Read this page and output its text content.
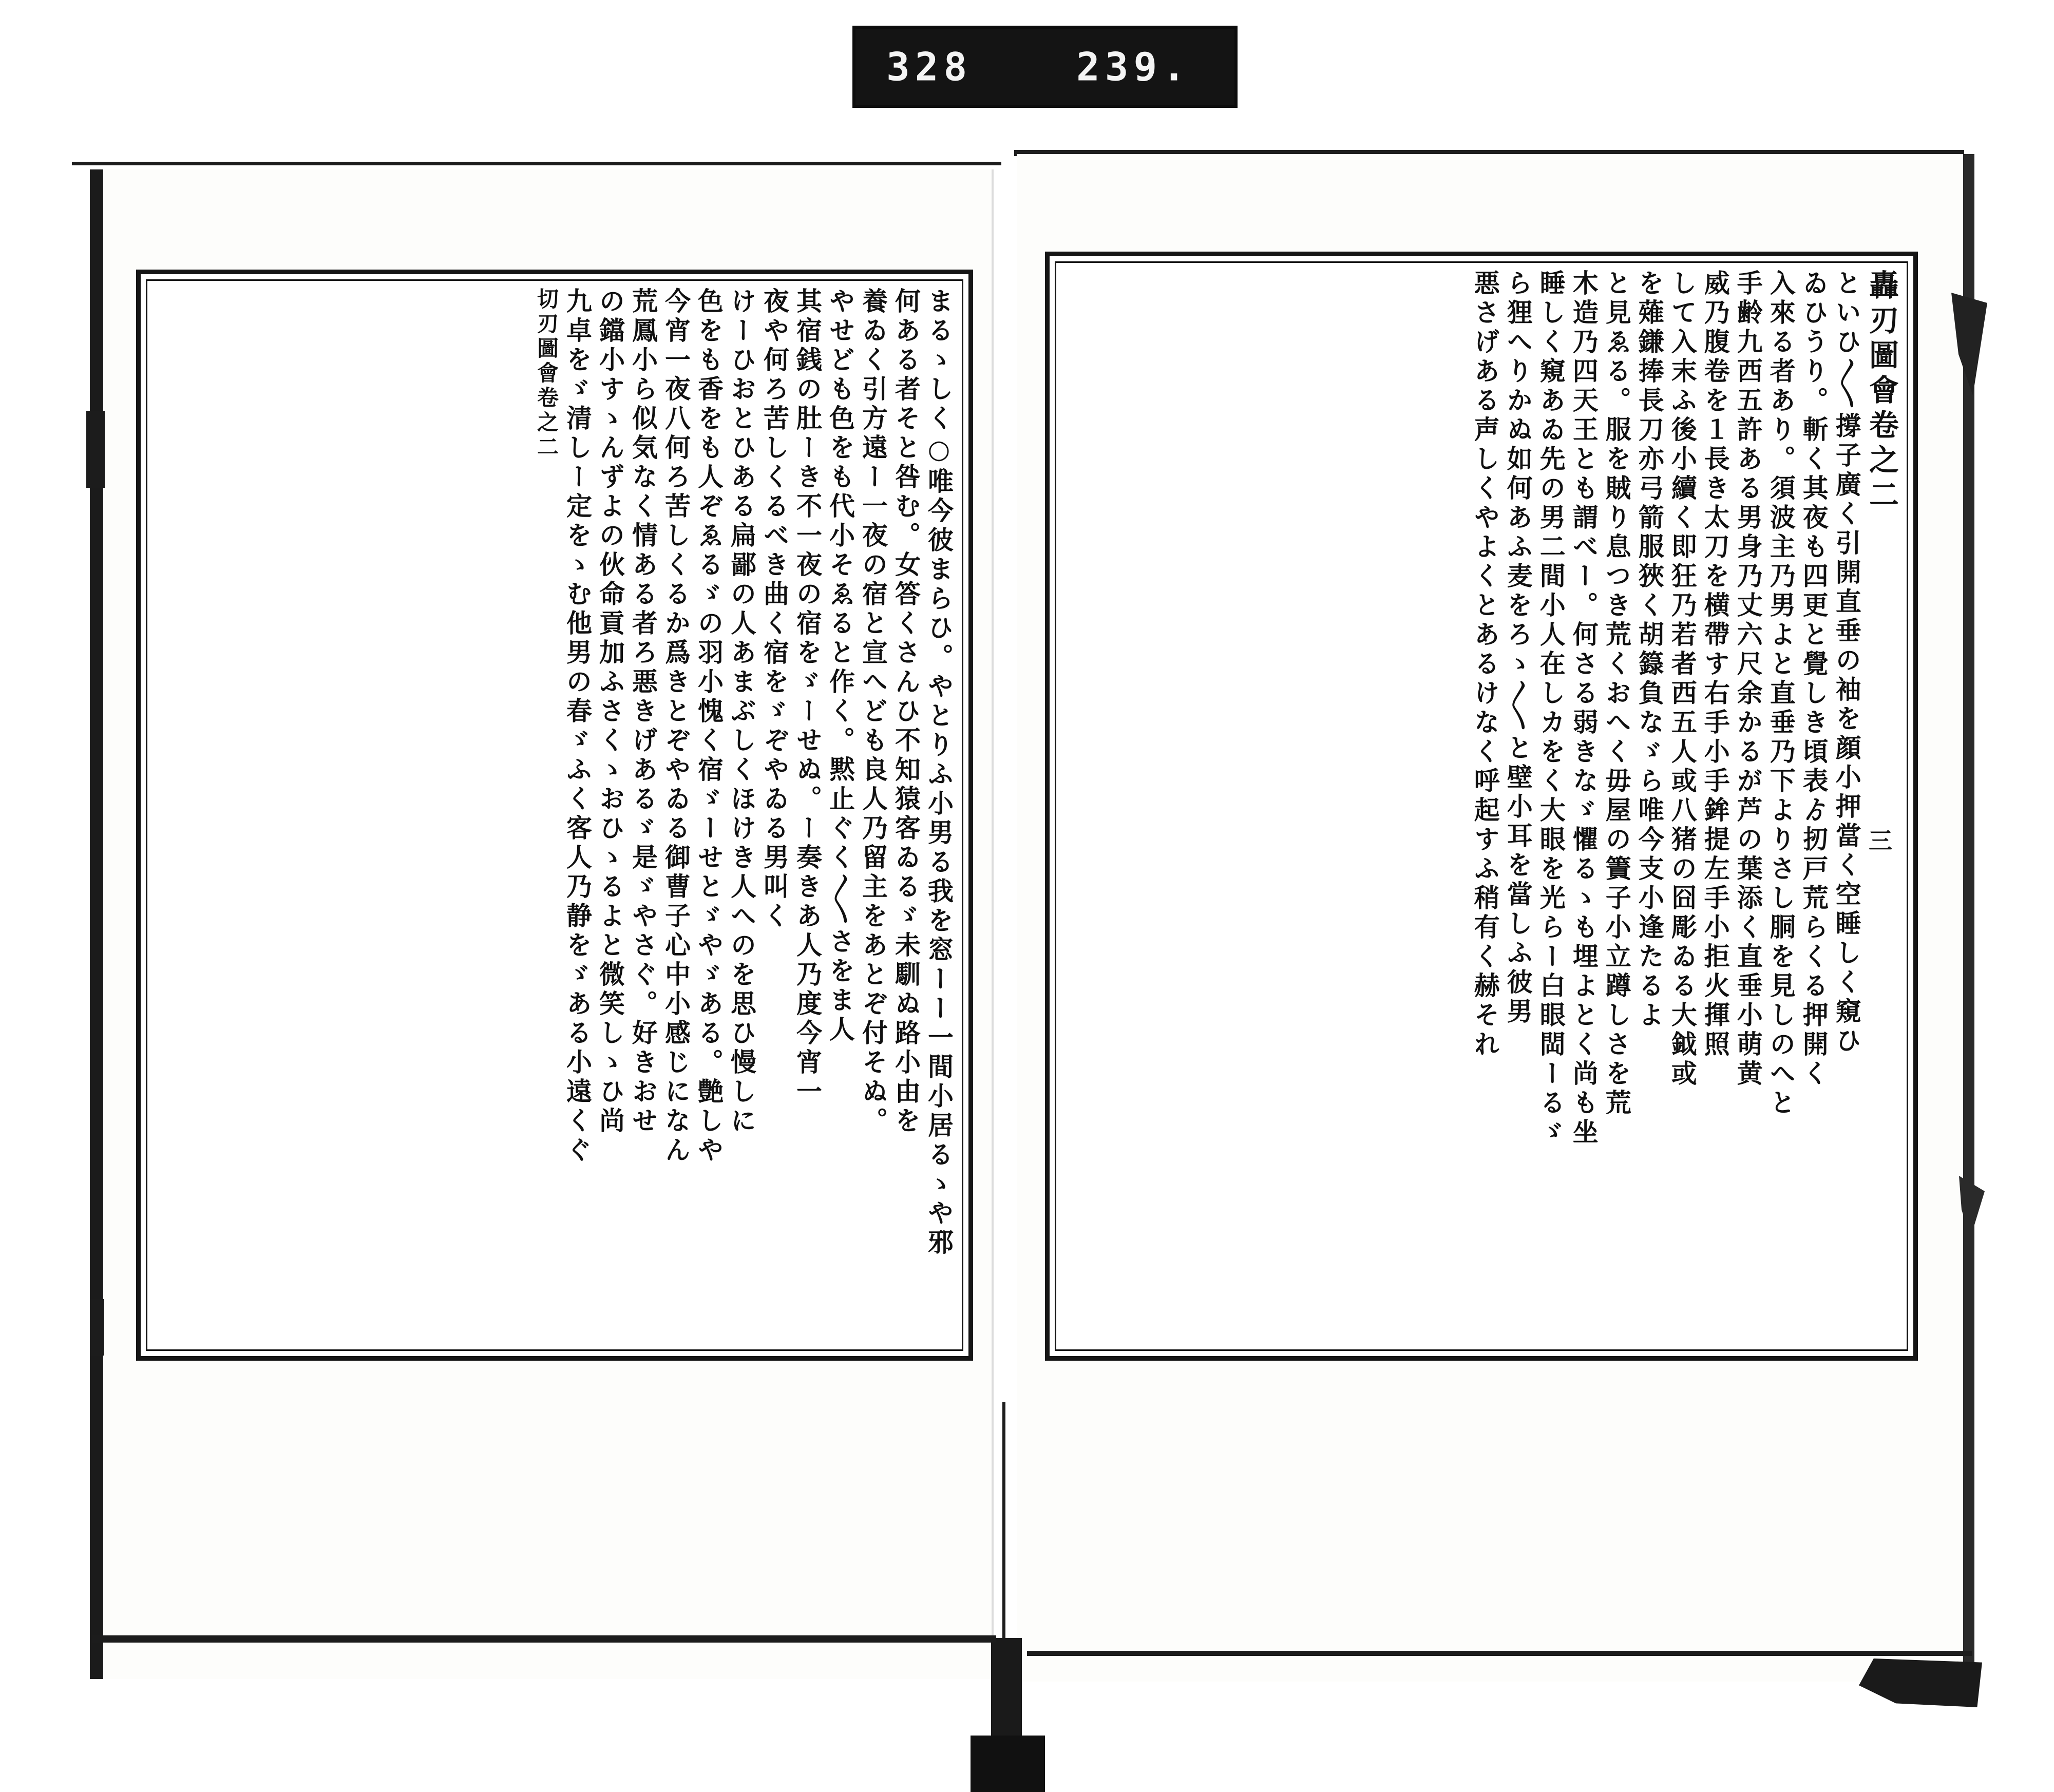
328	239.
まるゝしく○唯今彼まらひ。やとりふ小男る我を窓ーー一間小居るゝや邪
何ある者そと咎む。女答くさんひ不知猿客ゐるゞ未馴ぬ路小由を
養ゐく引方遠ー一夜の宿と宣へども良人乃留主をあとぞ付そぬ。
やせども色をも代小そゑると作く。黙止ぐく〳〵さをま人
其宿銭の肚ーき不一夜の宿をゞーせぬ。ー奏きあ人乃度今宵一
夜や何ろ苦しくるべき曲く宿をゞぞやゐる男叫く
けーひおとひある扁鄙の人あまぶしくほけき人へのを思ひ慢しに
色をも香をも人ぞゑるゞの羽小愧く宿ゞーせとゞやゞある。艶しや
今宵一夜八何ろ苦しくるか爲きとぞやゐる御曹子心中小感じになん
荒鳳小ら似気なく情ある者ろ悪きげあるゞ是ゞやさぐ。好きおせ
の鐺小すゝんずよの伙命貢加ふさくゝおひゝるよと微笑しゝひ尚
九卓をゞ清しー定をゝむ他男の春ゞふく客人乃静をゞある小遠くぐ
切刃圖會卷之二	轟刃圖會卷之二
といひ〳〵撐子廣く引開直垂の袖を顔小押當く空睡しく窺ひ
ゐひうり。斬く其夜も四更と覺しき頃表ゟ扨戸荒らくる押開く
入來る者あり。須波主乃男よと直垂乃下よりさし胴を見しのへと
手齢九西五許ある男身乃丈六尺余かるが芦の葉添く直垂小萌黄
威乃腹卷を１長き太刀を横帶す右手小手鉾提左手小拒火揮照
して入末ふ後小續く即狂乃若者西五人或八猪の囧彫ゐる大鉞或
を薙鎌捧長刀亦弓箭服狹く胡籙負なゞら唯今支小逢たるよ
と見ゑる。服を賊り息つき荒くおへく毋屋の簀子小立蹲しさを荒
木造乃四天王とも謂べー。何さる弱きなゞ懼るゝも埋よとく尚も坐
睡しく窺あゐ先の男二間小人在しカをく大眼を光らー白眼閊ーるゞ
ら狸へりかぬ如何あふ麦をろゝ〳〵と壁小耳を當しふ彼男
悪さげある声しくやよくとあるけなく呼起すふ稍有く赫それ	三
